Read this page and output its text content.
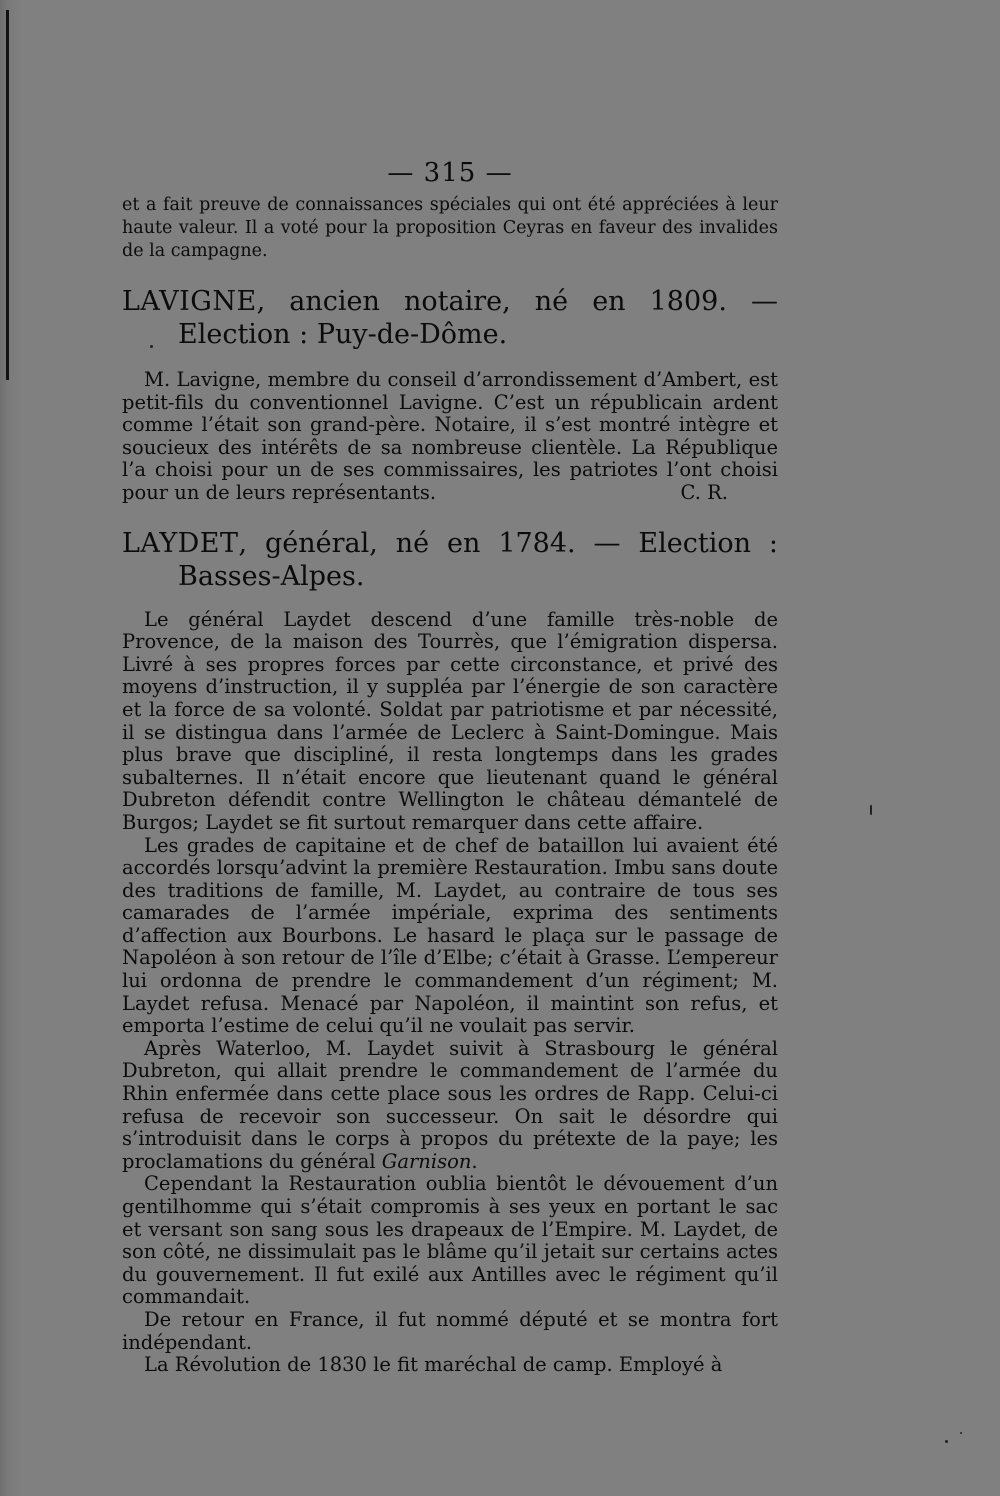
— 315 —

et a fait preuve de connaissances spéciales qui ont été appréciées à leur haute valeur. Il a voté pour la proposition Ceyras en faveur des invalides de la campagne.

LAVIGNE, ancien notaire, né en 1809. — Election : Puy-de-Dôme.

M. Lavigne, membre du conseil d’arrondissement d’Ambert, est petit-fils du conventionnel Lavigne. C’est un républicain ardent comme l’était son grand-père. Notaire, il s’est montré intègre et soucieux des intérêts de sa nombreuse clientèle. La République l’a choisi pour un de ses commissaires, les patriotes l’ont choisi pour un de leurs représentants.	C. R.

LAYDET, général, né en 1784. — Election : Basses-Alpes.

Le général Laydet descend d’une famille très-noble de Provence, de la maison des Tourrès, que l’émigration dispersa. Livré à ses propres forces par cette circonstance, et privé des moyens d’instruction, il y suppléa par l’énergie de son caractère et la force de sa volonté. Soldat par patriotisme et par nécessité, il se distingua dans l’armée de Leclerc à Saint-Domingue. Mais plus brave que discipliné, il resta longtemps dans les grades subalternes. Il n’était encore que lieutenant quand le général Dubreton défendit contre Wellington le château démantelé de Burgos; Laydet se fit surtout remarquer dans cette affaire.

Les grades de capitaine et de chef de bataillon lui avaient été accordés lorsqu’advint la première Restauration. Imbu sans doute des traditions de famille, M. Laydet, au contraire de tous ses camarades de l’armée impériale, exprima des sentiments d’affection aux Bourbons. Le hasard le plaça sur le passage de Napoléon à son retour de l’île d’Elbe; c’était à Grasse. L’empereur lui ordonna de prendre le commandement d’un régiment; M. Laydet refusa. Menacé par Napoléon, il maintint son refus, et emporta l’estime de celui qu’il ne voulait pas servir.

Après Waterloo, M. Laydet suivit à Strasbourg le général Dubreton, qui allait prendre le commandement de l’armée du Rhin enfermée dans cette place sous les ordres de Rapp. Celui-ci refusa de recevoir son successeur. On sait le désordre qui s’introduisit dans le corps à propos du prétexte de la paye; les proclamations du général Garnison.

Cependant la Restauration oublia bientôt le dévouement d’un gentilhomme qui s’était compromis à ses yeux en portant le sac et versant son sang sous les drapeaux de l’Empire. M. Laydet, de son côté, ne dissimulait pas le blâme qu’il jetait sur certains actes du gouvernement. Il fut exilé aux Antilles avec le régiment qu’il commandait.

De retour en France, il fut nommé député et se montra fort indépendant.

La Révolution de 1830 le fit maréchal de camp. Employé à
